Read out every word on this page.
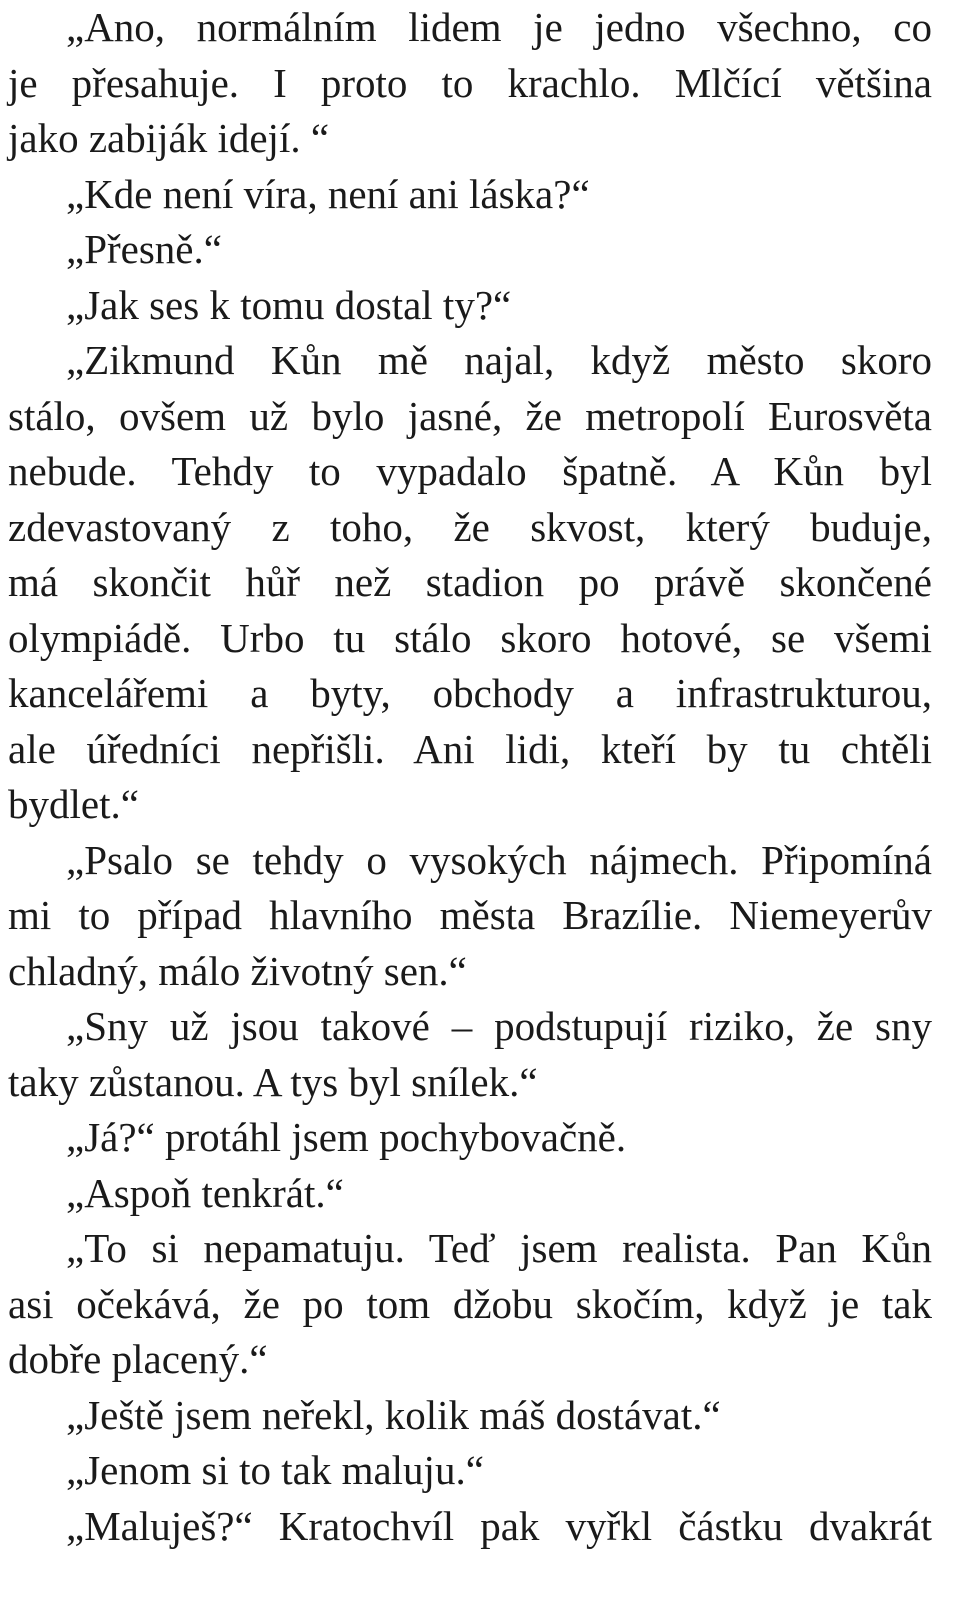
„Ano, normálním lidem je jedno všechno, co
je přesahuje. I proto to krachlo. Mlčící většina
jako zabiják idejí. “
„Kde není víra, není ani láska?“
„Přesně.“
„Jak ses k tomu dostal ty?“
„Zikmund Kůn mě najal, když město skoro
stálo, ovšem už bylo jasné, že metropolí Eurosvěta
nebude. Tehdy to vypadalo špatně. A Kůn byl
zdevastovaný z toho, že skvost, který buduje,
má skončit hůř než stadion po právě skončené
olympiádě. Urbo tu stálo skoro hotové, se všemi
kancelářemi a byty, obchody a infrastrukturou,
ale úředníci nepřišli. Ani lidi, kteří by tu chtěli
bydlet.“
„Psalo se tehdy o vysokých nájmech. Připomíná
mi to případ hlavního města Brazílie. Niemeyerův
chladný, málo životný sen.“
„Sny už jsou takové – podstupují riziko, že sny
taky zůstanou. A tys byl snílek.“
„Já?“ protáhl jsem pochybovačně.
„Aspoň tenkrát.“
„To si nepamatuju. Teď jsem realista. Pan Kůn
asi očekává, že po tom džobu skočím, když je tak
dobře placený.“
„Ještě jsem neřekl, kolik máš dostávat.“
„Jenom si to tak maluju.“
„Maluješ?“ Kratochvíl pak vyřkl částku dvakrát
